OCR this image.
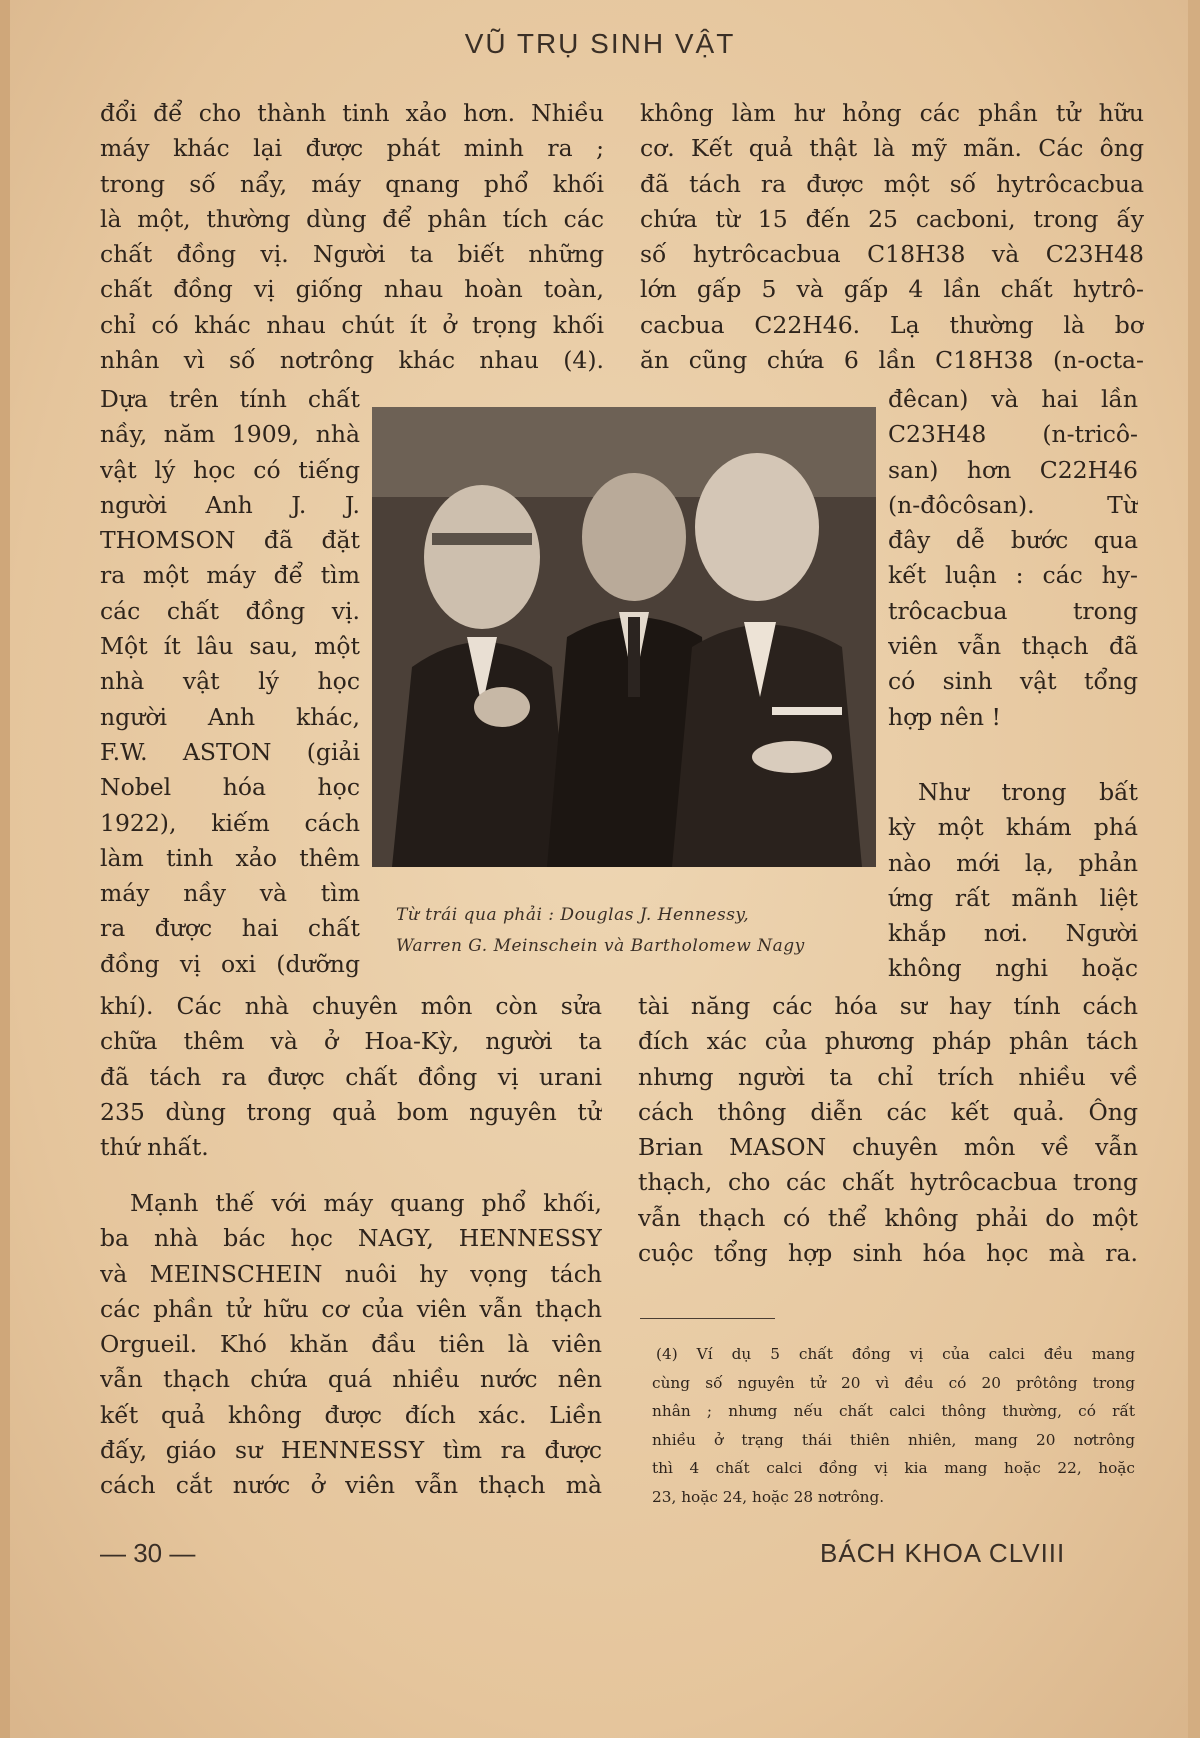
VŨ TRỤ SINH VẬT
đổi để cho thành tinh xảo hơn. Nhiều
máy khác lại được phát minh ra ;
trong số nẩy, máy qnang phổ khối
là một, thường dùng để phân tích các
chất đồng vị. Người ta biết những
chất đồng vị giống nhau hoàn toàn,
chỉ có khác nhau chút ít ở trọng khối
nhân vì số nơtrông khác nhau (4).
Dựa trên tính chất
nầy, năm 1909, nhà
vật lý học có tiếng
người Anh J. J.
THOMSON đã đặt
ra một máy để tìm
các chất đồng vị.
Một ít lâu sau, một
nhà vật lý học
người Anh khác,
F.W. ASTON (giải
Nobel hóa học
1922), kiếm cách
làm tinh xảo thêm
máy nầy và tìm
ra được hai chất
đồng vị oxi (dưỡng
khí). Các nhà chuyên môn còn sửa
chữa thêm và ở Hoa-Kỳ, người ta
đã tách ra được chất đồng vị urani
235 dùng trong quả bom nguyên tử
thứ nhất.
Mạnh thế với máy quang phổ khối,
ba nhà bác học NAGY, HENNESSY
và MEINSCHEIN nuôi hy vọng tách
các phần tử hữu cơ của viên vẫn thạch
Orgueil. Khó khăn đầu tiên là viên
vẫn thạch chứa quá nhiều nước nên
kết quả không được đích xác. Liền
đấy, giáo sư HENNESSY tìm ra được
cách cắt nước ở viên vẫn thạch mà
không làm hư hỏng các phần tử hữu
cơ. Kết quả thật là mỹ mãn. Các ông
đã tách ra được một số hytrôcacbua
chứa từ 15 đến 25 cacboni, trong ấy
số hytrôcacbua C18H38 và C23H48
lớn gấp 5 và gấp 4 lần chất hytrô-
cacbua C22H46. Lạ thường là bơ
ăn cũng chứa 6 lần C18H38 (n-octa-
đêcan) và hai lần
C23H48 (n-tricô-
san) hơn C22H46
(n-đôcôsan). Từ
đây dễ bước qua
kết luận : các hy-
trôcacbua trong
viên vẫn thạch đã
có sinh vật tổng
hợp nên !
Như trong bất
kỳ một khám phá
nào mới lạ, phản
ứng rất mãnh liệt
khắp nơi. Người
không nghi hoặc
tài năng các hóa sư hay tính cách
đích xác của phương pháp phân tách
nhưng người ta chỉ trích nhiều về
cách thông diễn các kết quả. Ông
Brian MASON chuyên môn về vẫn
thạch, cho các chất hytrôcacbua trong
vẫn thạch có thể không phải do một
cuộc tổng hợp sinh hóa học mà ra.
Từ trái qua phải : Douglas J. Hennessy,
Warren G. Meinschein và Bartholomew Nagy
(4) Ví dụ 5 chất đồng vị của calci đều mang
cùng số nguyên tử 20 vì đều có 20 prôtông trong
nhân ; nhưng nếu chất calci thông thường, có rất
nhiều ở trạng thái thiên nhiên, mang 20 nơtrông
thì 4 chất calci đồng vị kia mang hoặc 22, hoặc
23, hoặc 24, hoặc 28 nơtrông.
— 30 —	BÁCH KHOA CLVIII
